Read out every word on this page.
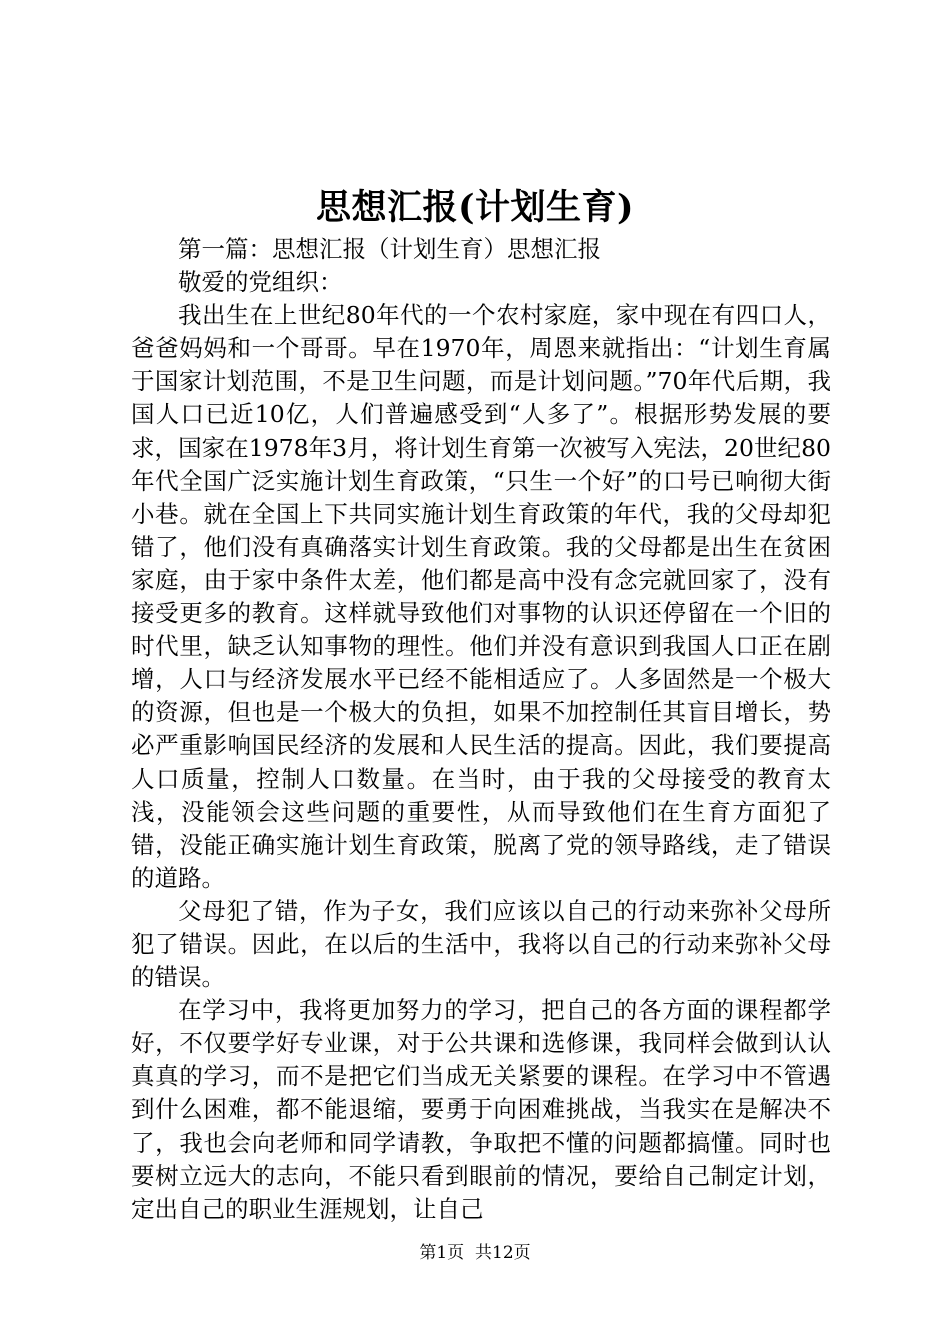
思想汇报(计划生育)

第一篇：思想汇报（计划生育）思想汇报

敬爱的党组织：

我出生在上世纪80年代的一个农村家庭，家中现在有四口人，爸爸妈妈和一个哥哥。早在1970年，周恩来就指出：“计划生育属于国家计划范围，不是卫生问题，而是计划问题。”70年代后期，我国人口已近10亿，人们普遍感受到“人多了”。根据形势发展的要求，国家在1978年3月，将计划生育第一次被写入宪法，20世纪80年代全国广泛实施计划生育政策，“只生一个好”的口号已响彻大街小巷。就在全国上下共同实施计划生育政策的年代，我的父母却犯错了，他们没有真确落实计划生育政策。我的父母都是出生在贫困家庭，由于家中条件太差，他们都是高中没有念完就回家了，没有接受更多的教育。这样就导致他们对事物的认识还停留在一个旧的时代里，缺乏认知事物的理性。他们并没有意识到我国人口正在剧增，人口与经济发展水平已经不能相适应了。人多固然是一个极大的资源，但也是一个极大的负担，如果不加控制任其盲目增长，势必严重影响国民经济的发展和人民生活的提高。因此，我们要提高人口质量，控制人口数量。在当时，由于我的父母接受的教育太浅，没能领会这些问题的重要性，从而导致他们在生育方面犯了错，没能正确实施计划生育政策，脱离了党的领导路线，走了错误的道路。

父母犯了错，作为子女，我们应该以自己的行动来弥补父母所犯了错误。因此，在以后的生活中，我将以自己的行动来弥补父母的错误。

在学习中，我将更加努力的学习，把自己的各方面的课程都学好，不仅要学好专业课，对于公共课和选修课，我同样会做到认认真真的学习，而不是把它们当成无关紧要的课程。在学习中不管遇到什么困难，都不能退缩，要勇于向困难挑战，当我实在是解决不了，我也会向老师和同学请教，争取把不懂的问题都搞懂。同时也要树立远大的志向，不能只看到眼前的情况，要给自己制定计划，定出自己的职业生涯规划，让自己

第1页 共12页
